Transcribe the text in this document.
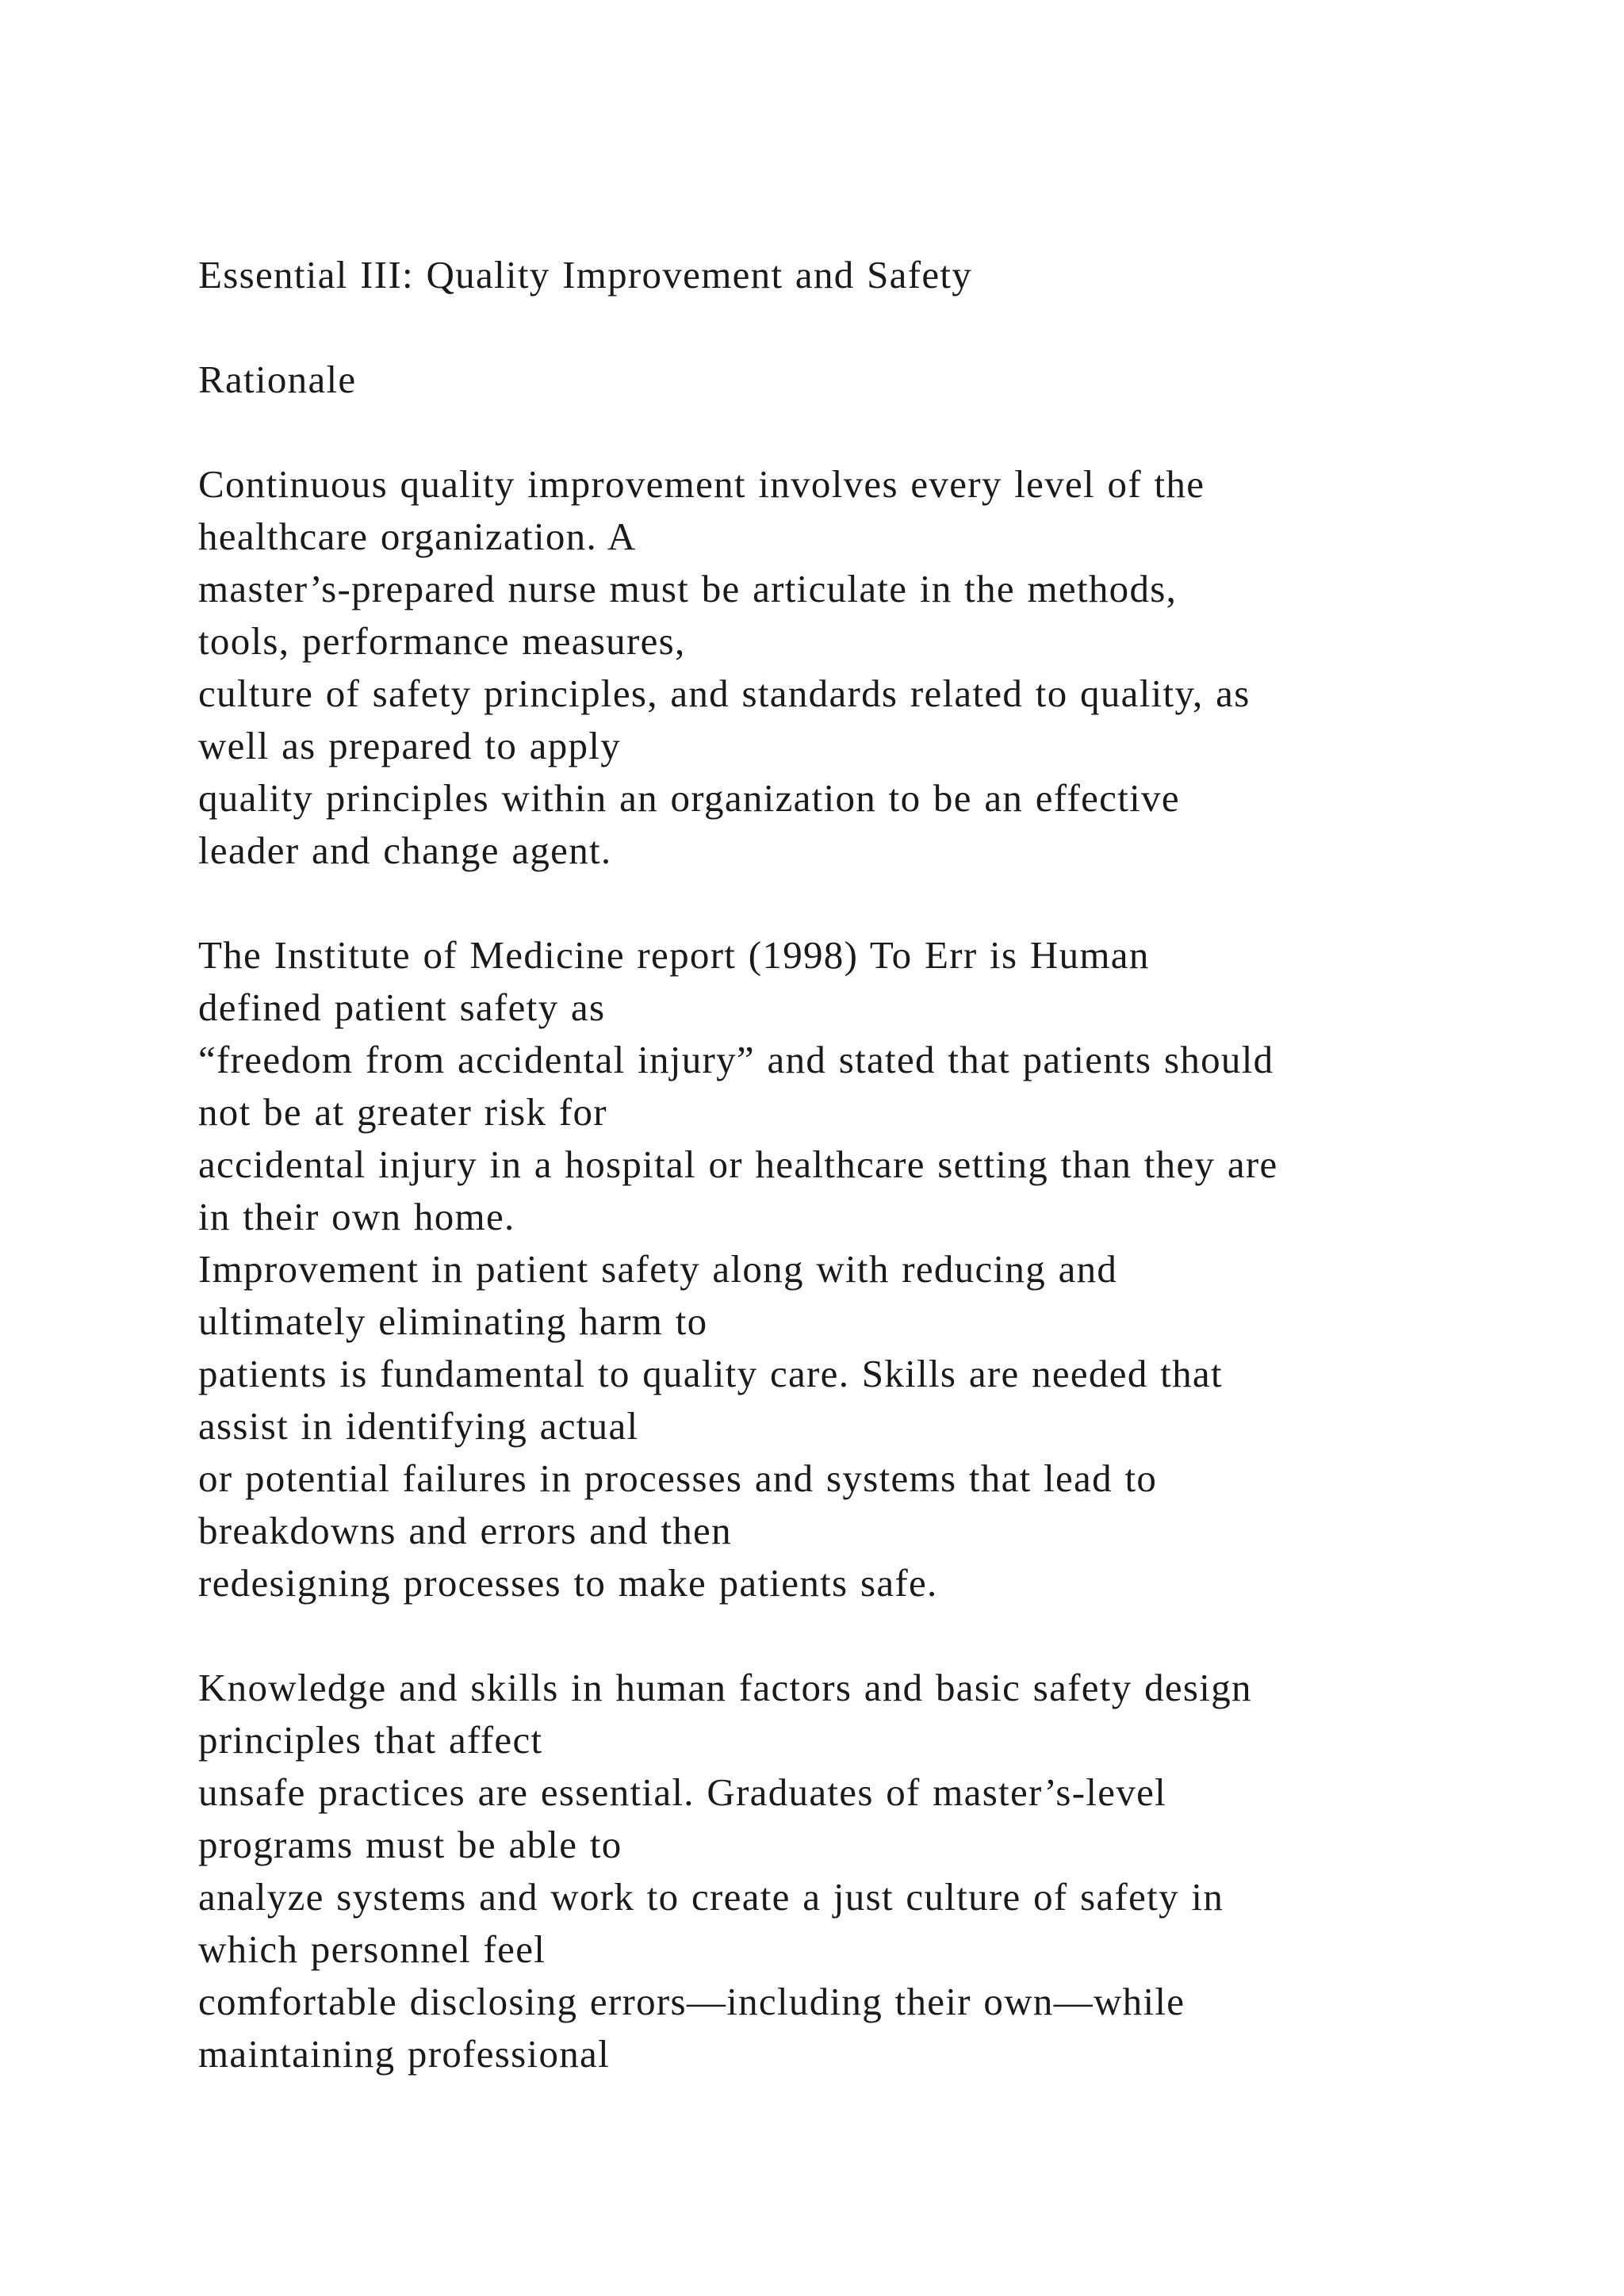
Essential III: Quality Improvement and Safety
Rationale
Continuous quality improvement involves every level of the
healthcare organization. A
master’s-prepared nurse must be articulate in the methods,
tools, performance measures,
culture of safety principles, and standards related to quality, as
well as prepared to apply
quality principles within an organization to be an effective
leader and change agent.
The Institute of Medicine report (1998) To Err is Human
defined patient safety as
“freedom from accidental injury” and stated that patients should
not be at greater risk for
accidental injury in a hospital or healthcare setting than they are
in their own home.
Improvement in patient safety along with reducing and
ultimately eliminating harm to
patients is fundamental to quality care. Skills are needed that
assist in identifying actual
or potential failures in processes and systems that lead to
breakdowns and errors and then
redesigning processes to make patients safe.
Knowledge and skills in human factors and basic safety design
principles that affect
unsafe practices are essential. Graduates of master’s-level
programs must be able to
analyze systems and work to create a just culture of safety in
which personnel feel
comfortable disclosing errors—including their own—while
maintaining professional
